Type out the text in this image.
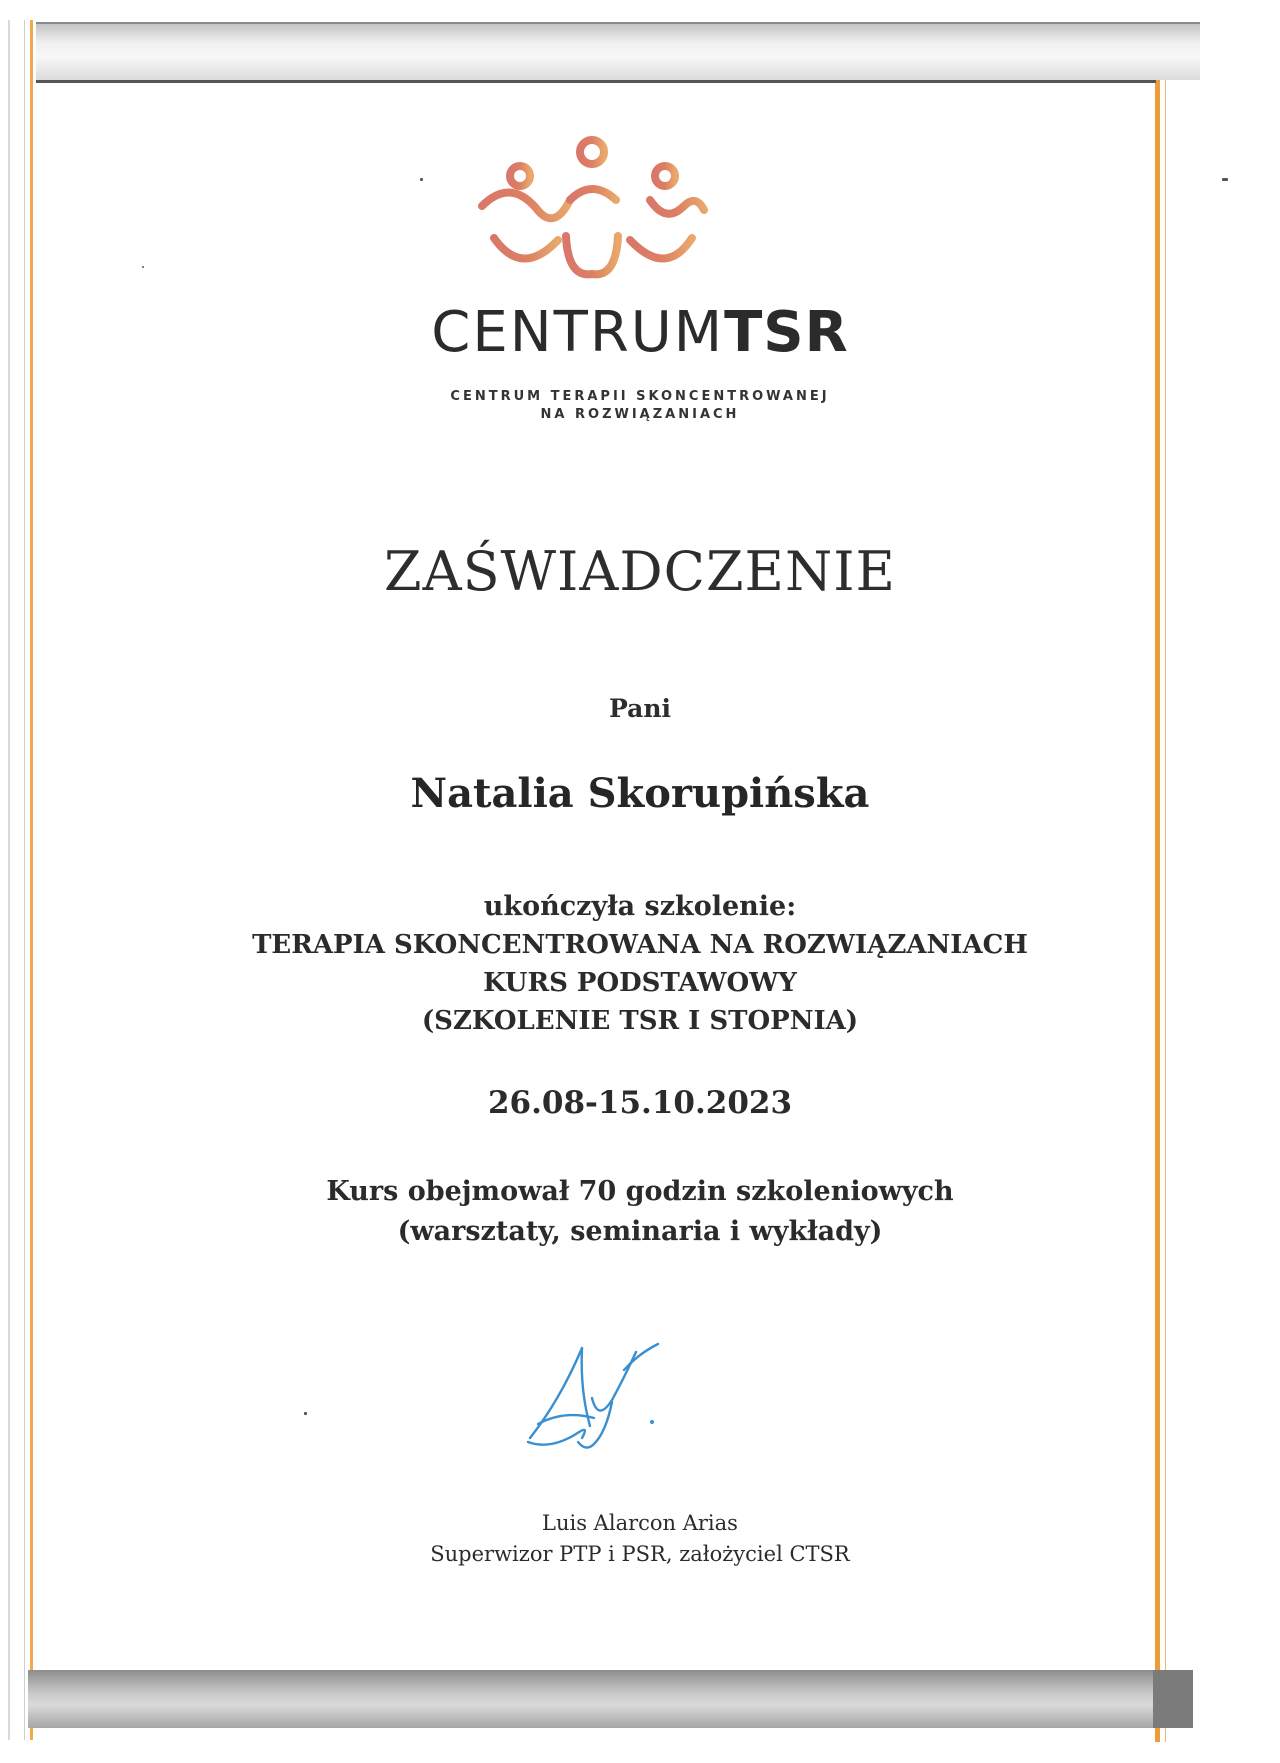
CENTRUMTSR
CENTRUM TERAPII SKONCENTROWANEJ
NA ROZWIĄZANIACH
ZAŚWIADCZENIE
Pani
Natalia Skorupińska
ukończyła szkolenie:
TERAPIA SKONCENTROWANA NA ROZWIĄZANIACH
KURS PODSTAWOWY
(SZKOLENIE TSR I STOPNIA)
26.08-15.10.2023
Kurs obejmował 70 godzin szkoleniowych
(warsztaty, seminaria i wykłady)
Luis Alarcon Arias
Superwizor PTP i PSR, założyciel CTSR
